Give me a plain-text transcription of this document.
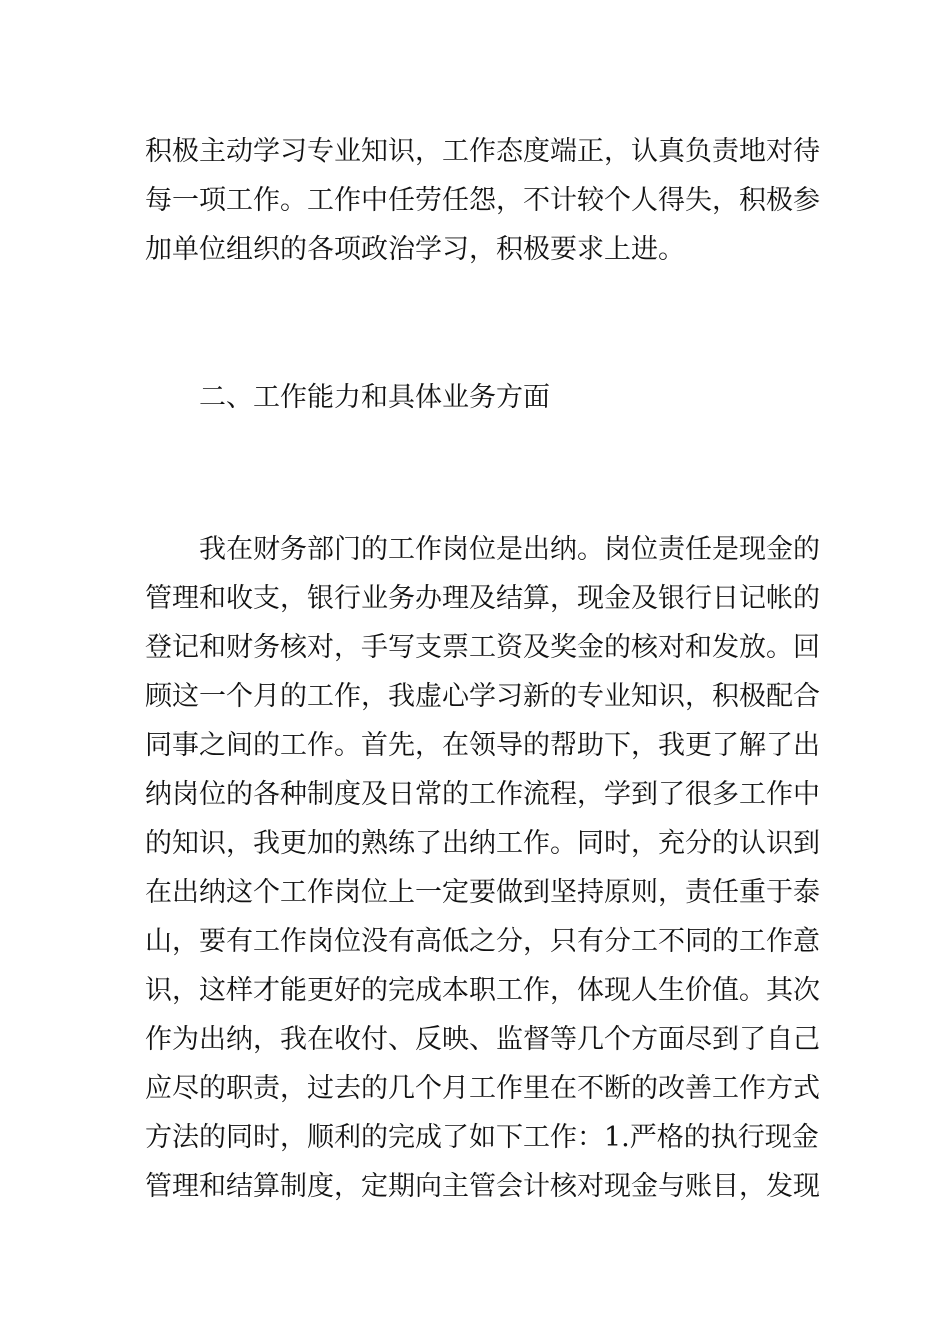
积极主动学习专业知识，工作态度端正，认真负责地对待
每一项工作。工作中任劳任怨，不计较个人得失，积极参
加单位组织的各项政治学习，积极要求上进。
二、工作能力和具体业务方面
我在财务部门的工作岗位是出纳。岗位责任是现金的
管理和收支，银行业务办理及结算，现金及银行日记帐的
登记和财务核对，手写支票工资及奖金的核对和发放。回
顾这一个月的工作，我虚心学习新的专业知识，积极配合
同事之间的工作。首先，在领导的帮助下，我更了解了出
纳岗位的各种制度及日常的工作流程，学到了很多工作中
的知识，我更加的熟练了出纳工作。同时，充分的认识到
在出纳这个工作岗位上一定要做到坚持原则，责任重于泰
山，要有工作岗位没有高低之分，只有分工不同的工作意
识，这样才能更好的完成本职工作，体现人生价值。其次
作为出纳，我在收付、反映、监督等几个方面尽到了自己
应尽的职责，过去的几个月工作里在不断的改善工作方式
方法的同时，顺利的完成了如下工作：1.严格的执行现金
管理和结算制度，定期向主管会计核对现金与账目，发现
